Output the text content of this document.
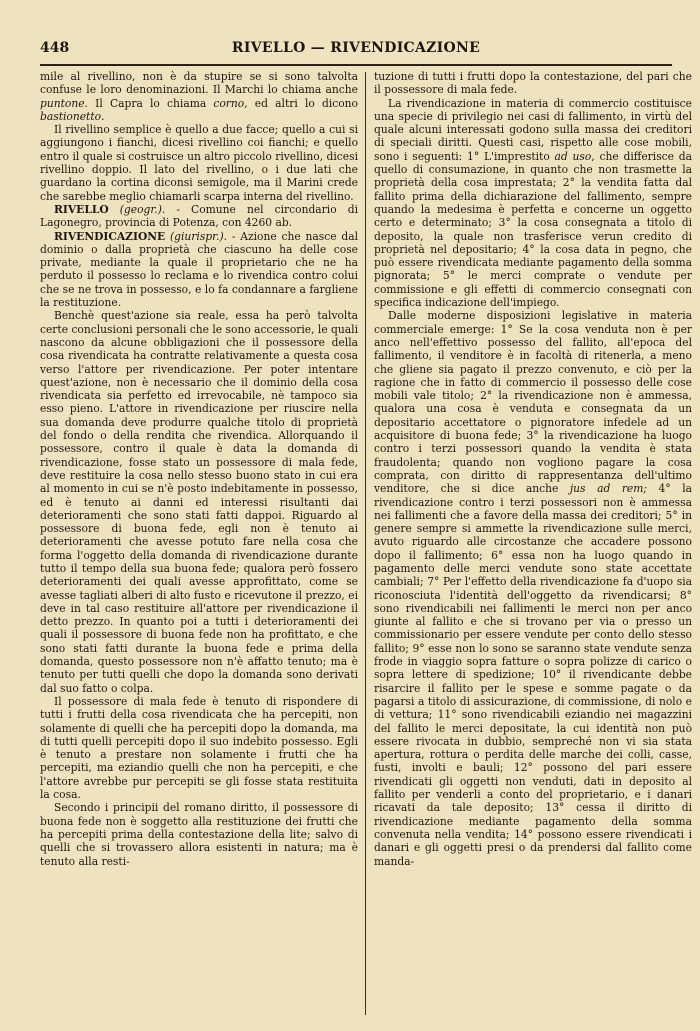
448	RIVELLO — RIVENDICAZIONE

mile al rivellino, non è da stupire se si sono talvolta confuse le loro denominazioni. Il Marchi lo chiama anche puntone. Il Capra lo chiama corno, ed altri lo dicono bastionetto.

Il rivellino semplice è quello a due facce; quello a cui si aggiungono i fianchi, dicesi rivellino coi fianchi; e quello entro il quale si costruisce un altro piccolo rivellino, dicesi rivellino doppio. Il lato del rivellino, o i due lati che guardano la cortina diconsi semigole, ma il Marini crede che sarebbe meglio chiamarli scarpa interna del rivellino.

RIVELLO (geogr.). - Comune nel circondario di Lagonegro, provincia di Potenza, con 4260 ab.

RIVENDICAZIONE (giurispr.). - Azione che nasce dal dominio o dalla proprietà che ciascuno ha delle cose private, mediante la quale il proprietario che ne ha perduto il possesso lo reclama e lo rivendica contro colui che se ne trova in possesso, e lo fa condannare a fargliene la restituzione.

Benchè quest'azione sia reale, essa ha però talvolta certe conclusioni personali che le sono accessorie, le quali nascono da alcune obbligazioni che il possessore della cosa rivendicata ha contratte relativamente a questa cosa verso l'attore per rivendicazione. Per poter intentare quest'azione, non è necessario che il dominio della cosa rivendicata sia perfetto ed irrevocabile, nè tampoco sia esso pieno. L'attore in rivendicazione per riuscire nella sua domanda deve produrre qualche titolo di proprietà del fondo o della rendita che rivendica. Allorquando il possessore, contro il quale è data la domanda di rivendicazione, fosse stato un possessore di mala fede, deve restituire la cosa nello stesso buono stato in cui era al momento in cui se n'è posto indebitamente in possesso, ed è tenuto ai danni ed interessi risultanti dai deterioramenti che sono stati fatti dappoi. Riguardo al possessore di buona fede, egli non è tenuto ai deterioramenti che avesse potuto fare nella cosa che forma l'oggetto della domanda di rivendicazione durante tutto il tempo della sua buona fede; qualora però fossero deterioramenti dei quali avesse approfittato, come se avesse tagliati alberi di alto fusto e ricevutone il prezzo, ei deve in tal caso restituire all'attore per rivendicazione il detto prezzo. In quanto poi a tutti i deterioramenti dei quali il possessore di buona fede non ha profittato, e che sono stati fatti durante la buona fede e prima della domanda, questo possessore non n'è affatto tenuto; ma è tenuto per tutti quelli che dopo la domanda sono derivati dal suo fatto o colpa.

Il possessore di mala fede è tenuto di rispondere di tutti i frutti della cosa rivendicata che ha percepiti, non solamente di quelli che ha percepiti dopo la domanda, ma di tutti quelli percepiti dopo il suo indebito possesso. Egli è tenuto a prestare non solamente i frutti che ha percepiti, ma eziandio quelli che non ha percepiti, e che l'attore avrebbe pur percepiti se gli fosse stata restituita la cosa.

Secondo i principii del romano diritto, il possessore di buona fede non è soggetto alla restituzione dei frutti che ha percepiti prima della contestazione della lite; salvo di quelli che si trovassero allora esistenti in natura; ma è tenuto alla resti-

tuzione di tutti i frutti dopo la contestazione, del pari che il possessore di mala fede.

La rivendicazione in materia di commercio costituisce una specie di privilegio nei casi di fallimento, in virtù del quale alcuni interessati godono sulla massa dei creditori di speciali diritti. Questi casi, rispetto alle cose mobili, sono i seguenti: 1° L'imprestito ad uso, che differisce da quello di consumazione, in quanto che non trasmette la proprietà della cosa imprestata; 2° la vendita fatta dal fallito prima della dichiarazione del fallimento, sempre quando la medesima è perfetta e concerne un oggetto certo e determinato; 3° la cosa consegnata a titolo di deposito, la quale non trasferisce verun credito di proprietà nel depositario; 4° la cosa data in pegno, che può essere rivendicata mediante pagamento della somma pignorata; 5° le merci comprate o vendute per commissione e gli effetti di commercio consegnati con specifica indicazione dell'impiego.

Dalle moderne disposizioni legislative in materia commerciale emerge: 1° Se la cosa venduta non è per anco nell'effettivo possesso del fallito, all'epoca del fallimento, il venditore è in facoltà di ritenerla, a meno che gliene sia pagato il prezzo convenuto, e ciò per la ragione che in fatto di commercio il possesso delle cose mobili vale titolo; 2° la rivendicazione non è ammessa, qualora una cosa è venduta e consegnata da un depositario accettatore o pignoratore infedele ad un acquisitore di buona fede; 3° la rivendicazione ha luogo contro i terzi possessori quando la vendita è stata fraudolenta; quando non vogliono pagare la cosa comprata, con diritto di rappresentanza dell'ultimo venditore, che si dice anche jus ad rem; 4° la rivendicazione contro i terzi possessori non è ammessa nei fallimenti che a favore della massa dei creditori; 5° in genere sempre si ammette la rivendicazione sulle merci, avuto riguardo alle circostanze che accadere possono dopo il fallimento; 6° essa non ha luogo quando in pagamento delle merci vendute sono state accettate cambiali; 7° Per l'effetto della rivendicazione fa d'uopo sia riconosciuta l'identità dell'oggetto da rivendicarsi; 8° sono rivendicabili nei fallimenti le merci non per anco giunte al fallito e che si trovano per via o presso un commissionario per essere vendute per conto dello stesso fallito; 9° esse non lo sono se saranno state vendute senza frode in viaggio sopra fatture o sopra polizze di carico o sopra lettere di spedizione; 10° il rivendicante debbe risarcire il fallito per le spese e somme pagate o da pagarsi a titolo di assicurazione, di commissione, di nolo e di vettura; 11° sono rivendicabili eziandio nei magazzini del fallito le merci depositate, la cui identità non può essere rivocata in dubbio, sempreché non vi sia stata apertura, rottura o perdita delle marche dei colli, casse, fusti, involti e bauli; 12° possono del pari essere rivendicati gli oggetti non venduti, dati in deposito al fallito per venderli a conto del proprietario, e i danari ricavati da tale deposito; 13° cessa il diritto di rivendicazione mediante pagamento della somma convenuta nella vendita; 14° possono essere rivendicati i danari e gli oggetti presi o da prendersi dal fallito come manda-
